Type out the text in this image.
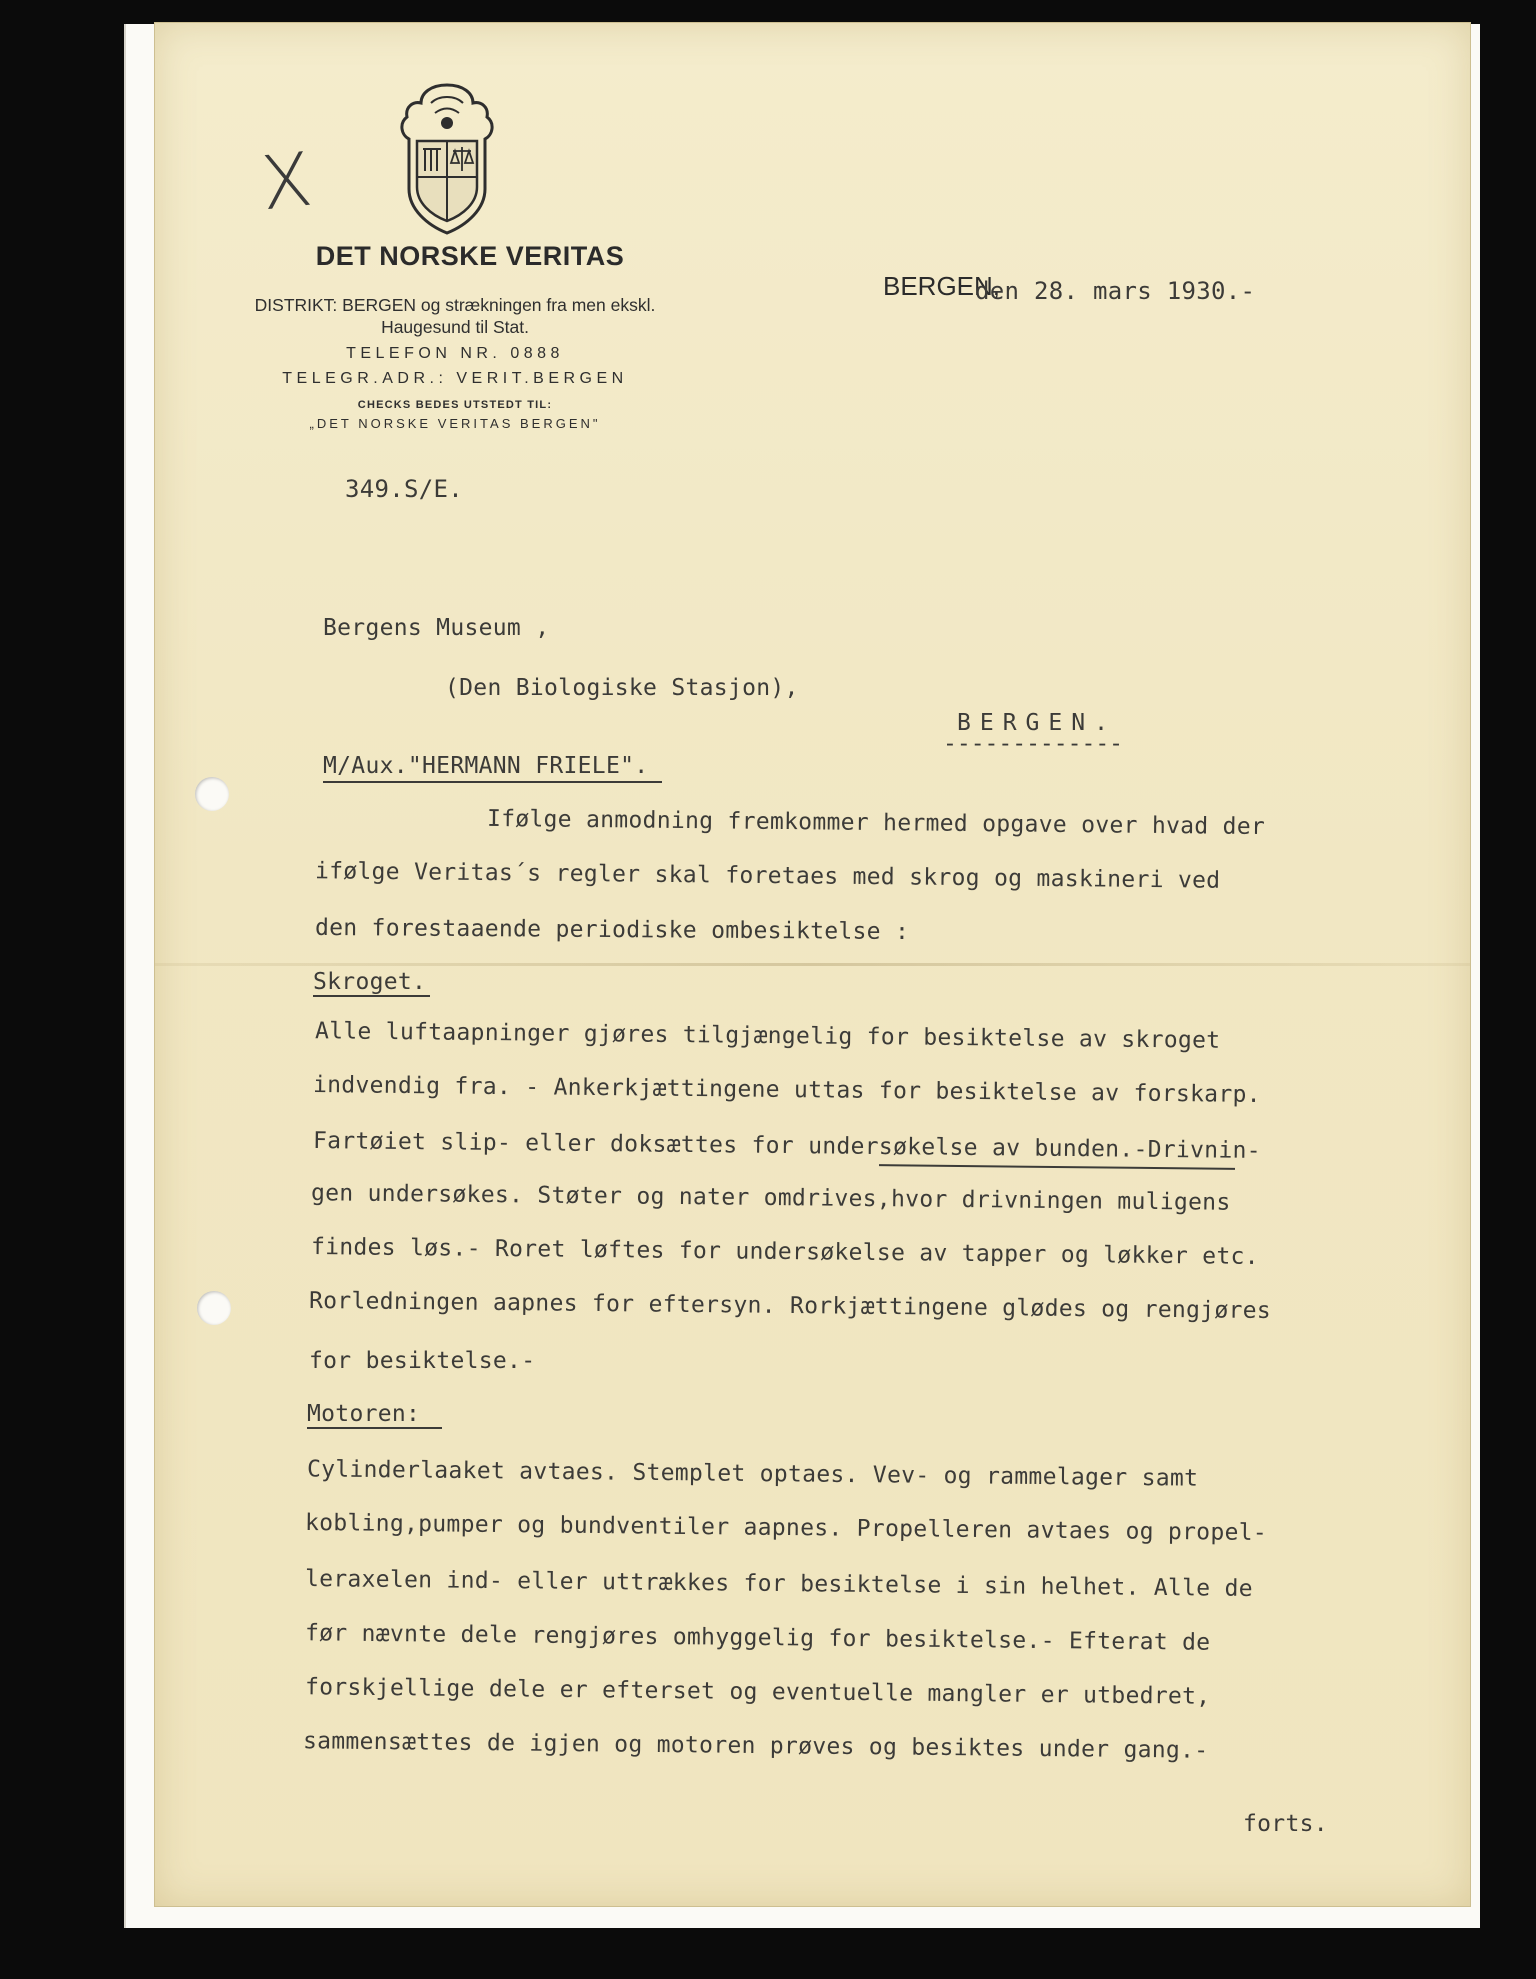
X
DET NORSKE VERITAS
DISTRIKT: BERGEN og strækningen fra men ekskl.
Haugesund til Stat.
TELEFON NR. 0888
TELEGR.ADR.: VERIT.BERGEN
CHECKS BEDES UTSTEDT TIL:
„DET NORSKE VERITAS BERGEN"
BERGEN,
den 28. mars 1930.-
349.S/E.
Bergens Museum ,
(Den Biologiske Stasjon),
BERGEN.
-------------
M/Aux."HERMANN FRIELE".
Ifølge anmodning fremkommer hermed opgave over hvad der
ifølge Veritas´s regler skal foretaes med skrog og maskineri ved
den forestaaende periodiske ombesiktelse :
Skroget.
Alle luftaapninger gjøres tilgjængelig for besiktelse av skroget
indvendig fra. - Ankerkjættingene uttas for besiktelse av forskarp.
Fartøiet slip- eller doksættes for undersøkelse av bunden.-Drivnin-
gen undersøkes. Støter og nater omdrives,hvor drivningen muligens
findes løs.- Roret løftes for undersøkelse av tapper og løkker etc.
Rorledningen aapnes for eftersyn. Rorkjættingene glødes og rengjøres
for besiktelse.-
Motoren:
Cylinderlaaket avtaes. Stemplet optaes. Vev- og rammelager samt
kobling,pumper og bundventiler aapnes. Propelleren avtaes og propel-
leraxelen ind- eller uttrækkes for besiktelse i sin helhet. Alle de
før nævnte dele rengjøres omhyggelig for besiktelse.- Efterat de
forskjellige dele er efterset og eventuelle mangler er utbedret,
sammensættes de igjen og motoren prøves og besiktes under gang.-
forts.
